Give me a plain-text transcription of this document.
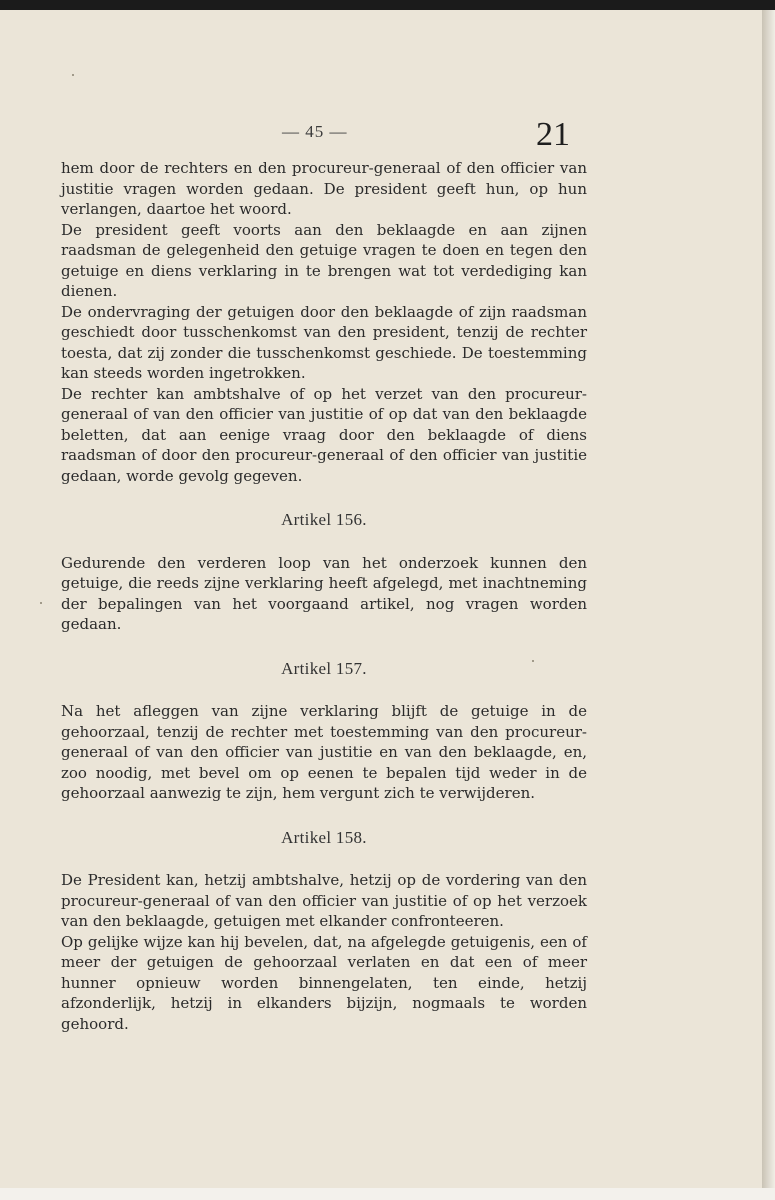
— 45 —	21

hem door de rechters en den procureur-generaal of den officier van justitie vragen worden gedaan. De president geeft hun, op hun verlangen, daartoe het woord.

De president geeft voorts aan den beklaagde en aan zijnen raadsman de gelegenheid den getuige vragen te doen en tegen den getuige en diens verklaring in te brengen wat tot verdediging kan dienen.

De ondervraging der getuigen door den beklaagde of zijn raadsman geschiedt door tusschenkomst van den president, tenzij de rechter toesta, dat zij zonder die tusschenkomst geschiede. De toestemming kan steeds worden ingetrokken.

De rechter kan ambtshalve of op het verzet van den procureur-generaal of van den officier van justitie of op dat van den beklaagde beletten, dat aan eenige vraag door den beklaagde of diens raadsman of door den procureur-generaal of den officier van justitie gedaan, worde gevolg gegeven.

Artikel 156.

Gedurende den verderen loop van het onderzoek kunnen den getuige, die reeds zijne verklaring heeft afgelegd, met inachtneming der bepalingen van het voorgaand artikel, nog vragen worden gedaan.

Artikel 157.

Na het afleggen van zijne verklaring blijft de getuige in de gehoorzaal, tenzij de rechter met toestemming van den procureur-generaal of van den officier van justitie en van den beklaagde, en, zoo noodig, met bevel om op eenen te bepalen tijd weder in de gehoorzaal aanwezig te zijn, hem vergunt zich te verwijderen.

Artikel 158.

De President kan, hetzij ambtshalve, hetzij op de vordering van den procureur-generaal of van den officier van justitie of op het verzoek van den beklaagde, getuigen met elkander confronteeren.

Op gelijke wijze kan hij bevelen, dat, na afgelegde getuigenis, een of meer der getuigen de gehoorzaal verlaten en dat een of meer hunner opnieuw worden binnengelaten, ten einde, hetzij afzonderlijk, hetzij in elkanders bijzijn, nogmaals te worden gehoord.
